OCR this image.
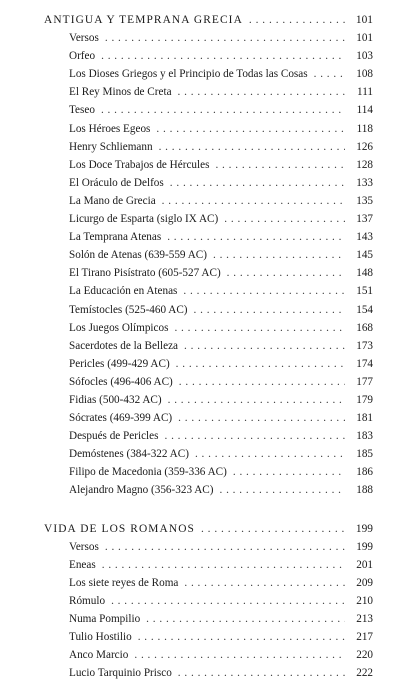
ANTIGUA Y TEMPRANA GRECIA . . .	101
Versos . . .	101
Orfeo . . .	103
Los Dioses Griegos y el Principio de Todas las Cosas . . .	108
El Rey Minos de Creta . . .	111
Teseo . . .	114
Los Héroes Egeos . . .	118
Henry Schliemann . . .	126
Los Doce Trabajos de Hércules . . .	128
El Oráculo de Delfos . . .	133
La Mano de Grecia . . .	135
Licurgo de Esparta (siglo IX AC) . . .	137
La Temprana Atenas . . .	143
Solón de Atenas (639-559 AC) . . .	145
El Tirano Pisístrato (605-527 AC) . . .	148
La Educación en Atenas . . .	151
Temístocles (525-460 AC) . . .	154
Los Juegos Olímpicos . . .	168
Sacerdotes de la Belleza . . .	173
Pericles (499-429 AC) . . .	174
Sófocles (496-406 AC) . . .	177
Fidias (500-432 AC) . . .	179
Sócrates (469-399 AC) . . .	181
Después de Pericles . . .	183
Demóstenes (384-322 AC) . . .	185
Filipo de Macedonia (359-336 AC) . . .	186
Alejandro Magno (356-323 AC) . . .	188
VIDA DE LOS ROMANOS . . .	199
Versos . . .	199
Eneas . . .	201
Los siete reyes de Roma . . .	209
Rómulo . . .	210
Numa Pompilio . . .	213
Tulio Hostilio . . .	217
Anco Marcio . . .	220
Lucio Tarquinio Prisco . . .	222
